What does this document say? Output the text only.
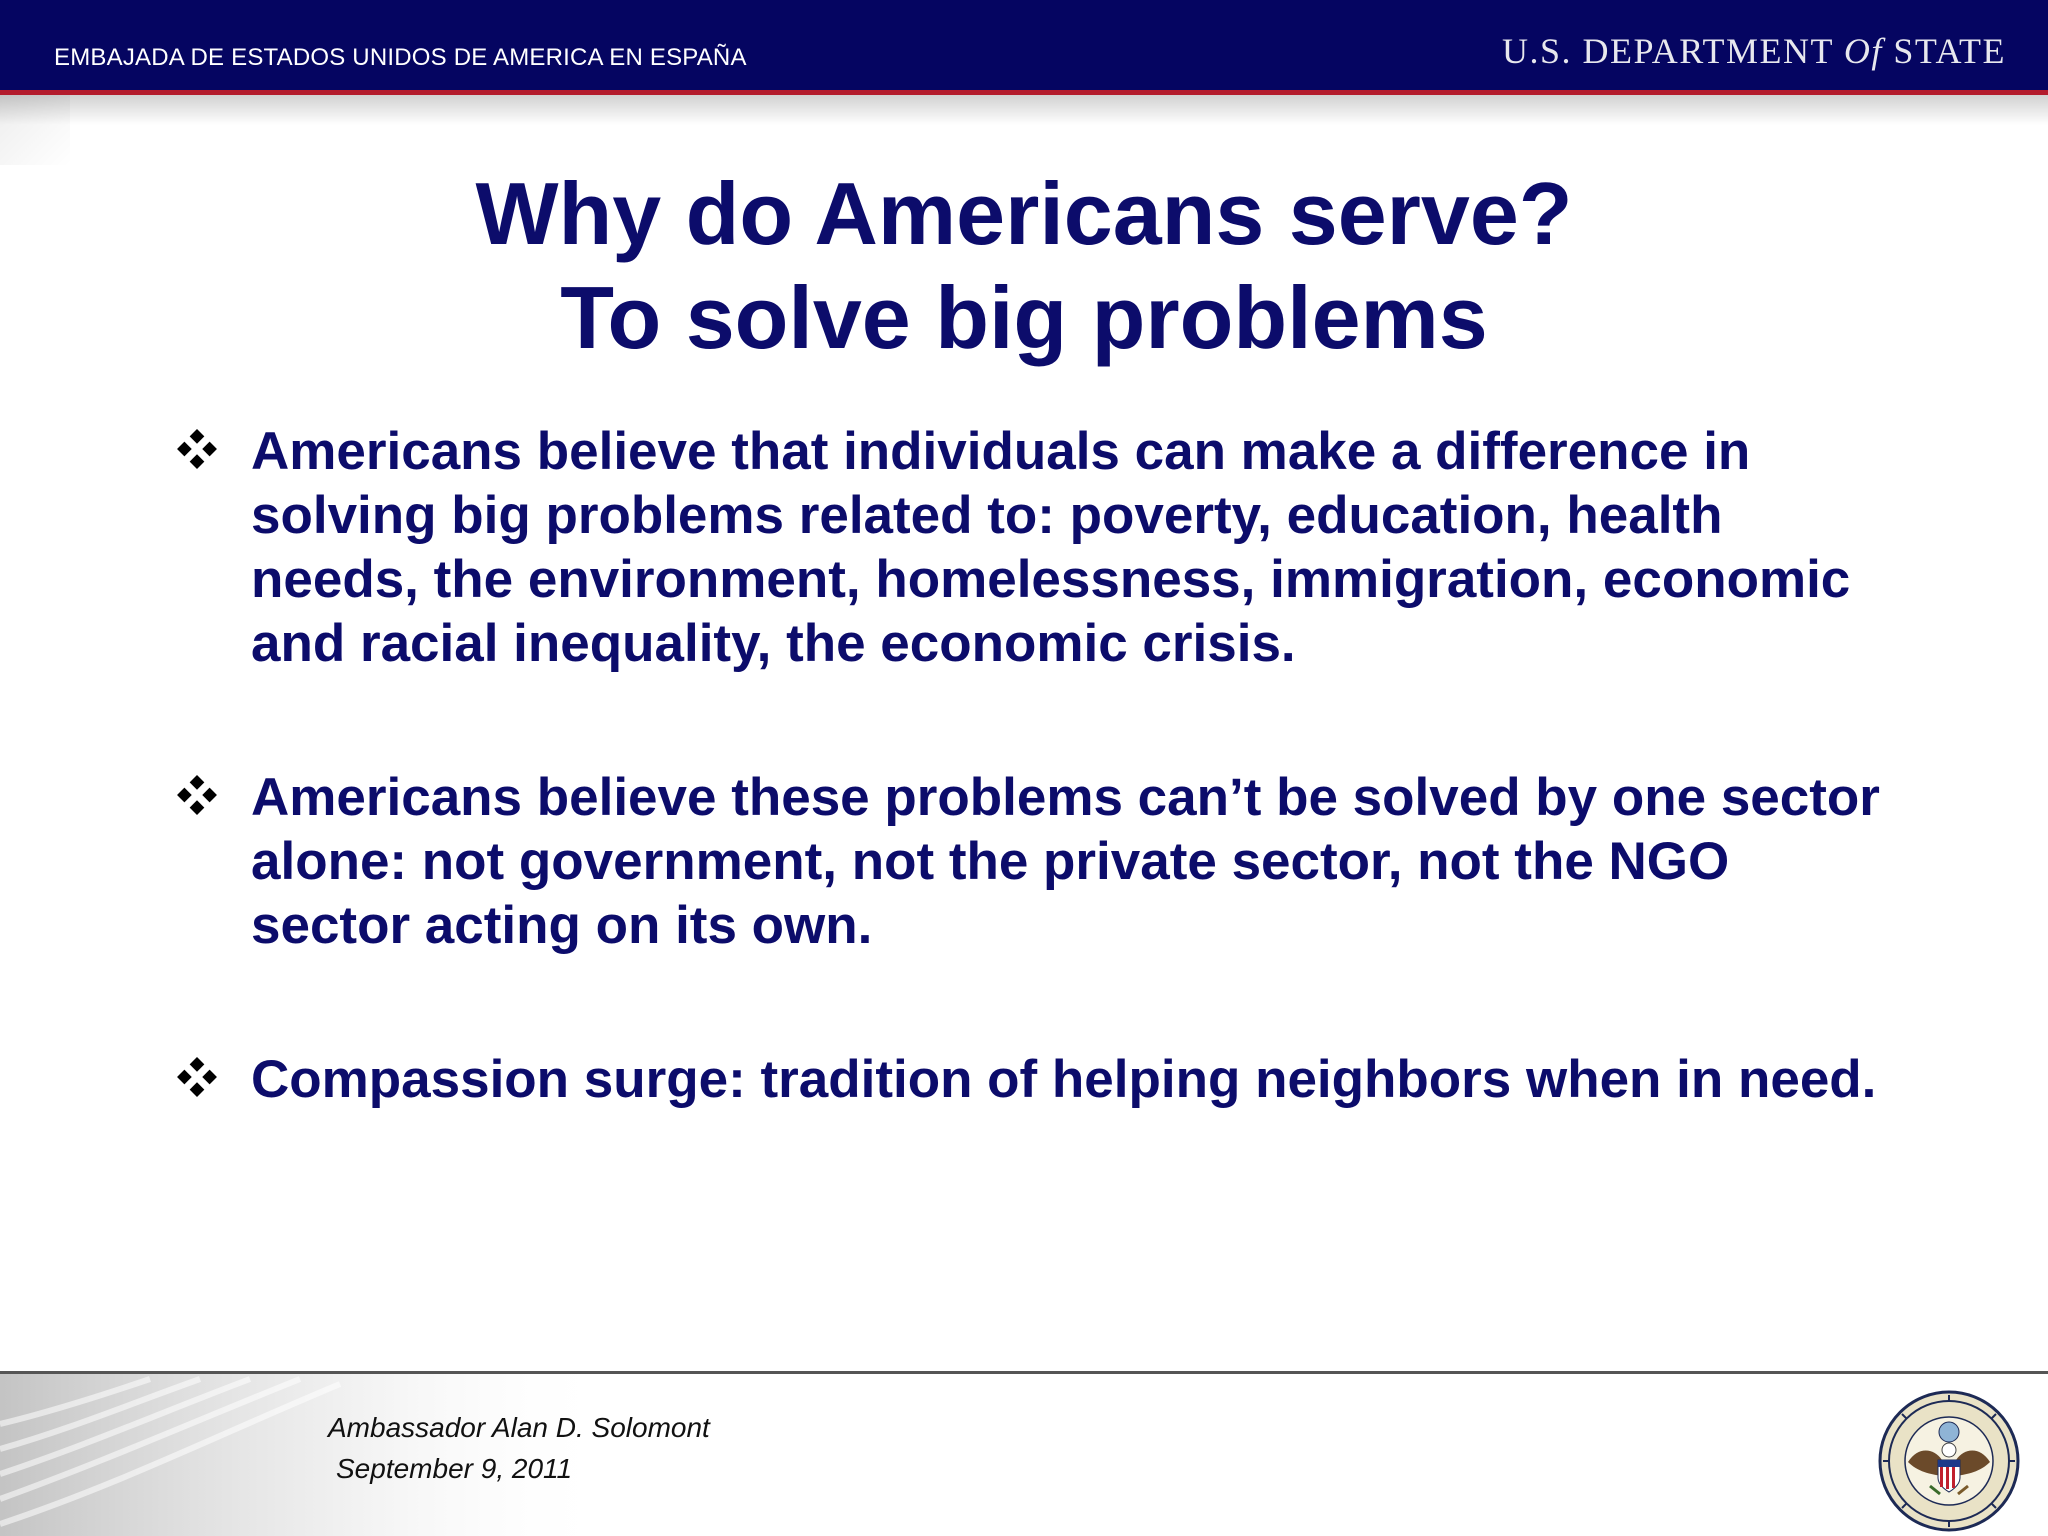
EMBAJADA DE ESTADOS UNIDOS DE AMERICA EN ESPAÑA	U.S. DEPARTMENT Of STATE
Why do Americans serve?
To solve big problems
Americans believe that individuals can make a difference in solving big problems related to: poverty, education, health needs, the environment, homelessness, immigration, economic and racial inequality, the economic crisis.
Americans believe these problems can’t be solved by one sector alone: not government, not the private sector, not the NGO sector acting on its own.
Compassion surge: tradition of helping neighbors when in need.
Ambassador Alan D. Solomont
September 9, 2011
